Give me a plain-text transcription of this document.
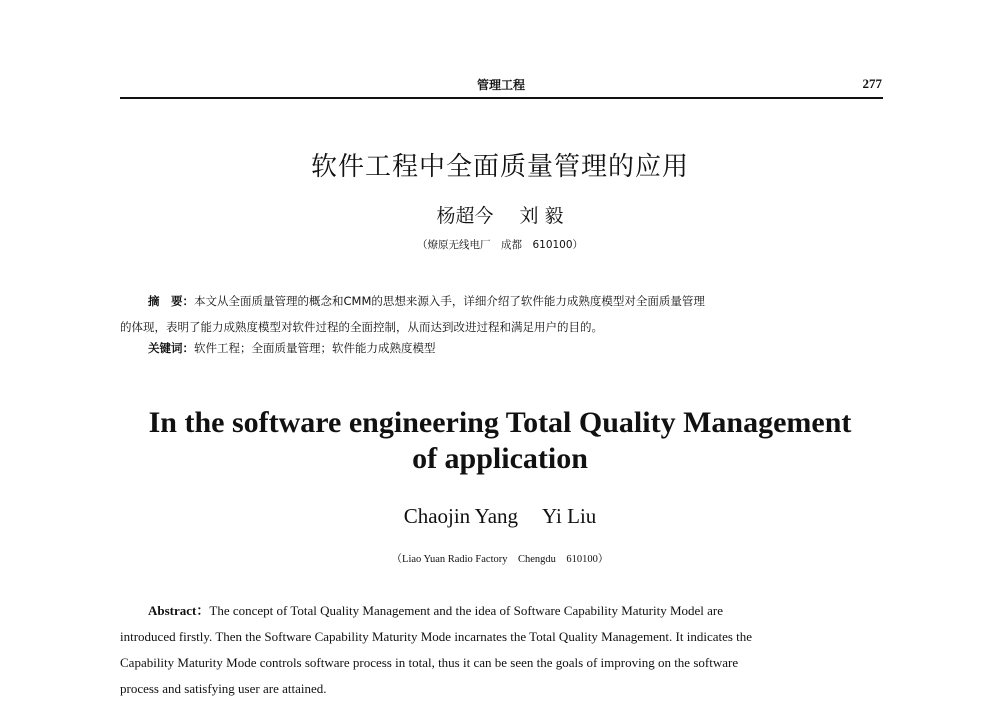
管理工程	277
软件工程中全面质量管理的应用
杨超今 刘 毅
（燎原无线电厂　成都　610100）
摘　要：本文从全面质量管理的概念和CMM的思想来源入手，详细介绍了软件能力成熟度模型对全面质量管理
的体现，表明了能力成熟度模型对软件过程的全面控制，从而达到改进过程和满足用户的目的。
关键词：软件工程；全面质量管理；软件能力成熟度模型
In the software engineering Total Quality Management
of application
Chaojin Yang Yi Liu
（Liao Yuan Radio Factory　Chengdu　610100）
Abstract：The concept of Total Quality Management and the idea of Software Capability Maturity Model are
introduced firstly. Then the Software Capability Maturity Mode incarnates the Total Quality Management. It indicates the
Capability Maturity Mode controls software process in total, thus it can be seen the goals of improving on the software
process and satisfying user are attained.
